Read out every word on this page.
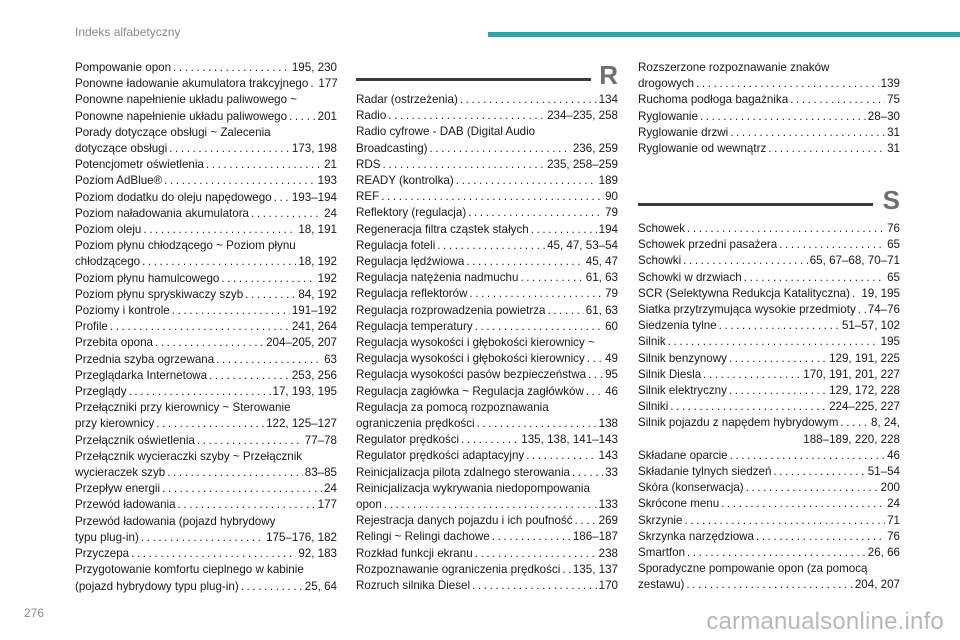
Indeks alfabetyczny
Pompowanie opon . . .	195, 230
Ponowne ładowanie akumulatora trakcyjnego . . . 177
Ponowne napełnienie układu paliwowego ~
Ponowne napełnienie układu paliwowego . . .	201
Porady dotyczące obsługi ~ Zalecenia
dotyczące obsługi . . .	173, 198
Potencjometr oświetlenia . . .	21
Poziom AdBlue® . . .	193
Poziom dodatku do oleju napędowego . . . 193–194
Poziom naładowania akumulatora . . .	24
Poziom oleju . . .	18, 191
Poziom płynu chłodzącego ~ Poziom płynu
chłodzącego . . .	18, 192
Poziom płynu hamulcowego . . .	192
Poziom płynu spryskiwaczy szyb . . .	84, 192
Poziomy i kontrole . . .	191–192
Profile . . .	241, 264
Przebita opona . . .	204–205, 207
Przednia szyba ogrzewana . . .	63
Przeglądarka Internetowa . . .	253, 256
Przeglądy . . .	17, 193, 195
Przełączniki przy kierownicy ~ Sterowanie
przy kierownicy . . .	122, 125–127
Przełącznik oświetlenia . . .	77–78
Przełącznik wycieraczki szyby ~ Przełącznik
wycieraczek szyb . . .	83–85
Przepływ energii . . .	24
Przewód ładowania . . .	177
Przewód ładowania (pojazd hybrydowy
typu plug-in) . . .	175–176, 182
Przyczepa . . .	92, 183
Przygotowanie komfortu cieplnego w kabinie
(pojazd hybrydowy typu plug-in) . . .	25, 64
R
Radar (ostrzeżenia) . . .	134
Radio . . .	234–235, 258
Radio cyfrowe - DAB (Digital Audio
Broadcasting) . . .	236, 259
RDS . . .	235, 258–259
READY (kontrolka) . . .	189
REF . . .	90
Reflektory (regulacja) . . .	79
Regeneracja filtra cząstek stałych . . .	194
Regulacja foteli . . .	45, 47, 53–54
Regulacja lędźwiowa . . .	45, 47
Regulacja natężenia nadmuchu . . .	61, 63
Regulacja reflektorów . . .	79
Regulacja rozprowadzenia powietrza . . .	61, 63
Regulacja temperatury . . .	60
Regulacja wysokości i głębokości kierownicy ~
Regulacja wysokości i głębokości kierownicy . . . 49
Regulacja wysokości pasów bezpieczeństwa . . . 95
Regulacja zagłówka ~ Regulacja zagłówków . . . 46
Regulacja za pomocą rozpoznawania
ograniczenia prędkości . . .	138
Regulator prędkości . . .	135, 138, 141–143
Regulator prędkości adaptacyjny . . .	143
Reinicjalizacja pilota zdalnego sterowania . . .	33
Reinicjalizacja wykrywania niedopompowania
opon . . .	133
Rejestracja danych pojazdu i ich poufność . . . 269
Relingi ~ Relingi dachowe . . .	186–187
Rozkład funkcji ekranu . . .	238
Rozpoznawanie ograniczenia prędkości . . . 135, 137
Rozruch silnika Diesel . . .	170
Rozszerzone rozpoznawanie znaków
drogowych . . .	139
Ruchoma podłoga bagażnika . . .	75
Ryglowanie . . .	28–30
Ryglowanie drzwi . . .	31
Ryglowanie od wewnątrz . . .	31
S
Schowek . . .	76
Schowek przedni pasażera . . .	65
Schowki . . .	65, 67–68, 70–71
Schowki w drzwiach . . .	65
SCR (Selektywna Redukcja Katalityczna) . . . 19, 195
Siatka przytrzymująca wysokie przedmioty . . . 74–76
Siedzenia tylne . . .	51–57, 102
Silnik . . .	195
Silnik benzynowy . . .	129, 191, 225
Silnik Diesla . . .	170, 191, 201, 227
Silnik elektryczny . . .	129, 172, 228
Silniki . . .	224–225, 227
Silnik pojazdu z napędem hybrydowym . . .	8, 24,
188–189, 220, 228
Składane oparcie . . .	46
Składanie tylnych siedzeń . . .	51–54
Skóra (konserwacja) . . .	200
Skrócone menu . . .	24
Skrzynie . . .	71
Skrzynka narzędziowa . . .	76
Smartfon . . .	26, 66
Sporadyczne pompowanie opon (za pomocą
zestawu) . . .	204, 207
276	carmanualsonline.info
